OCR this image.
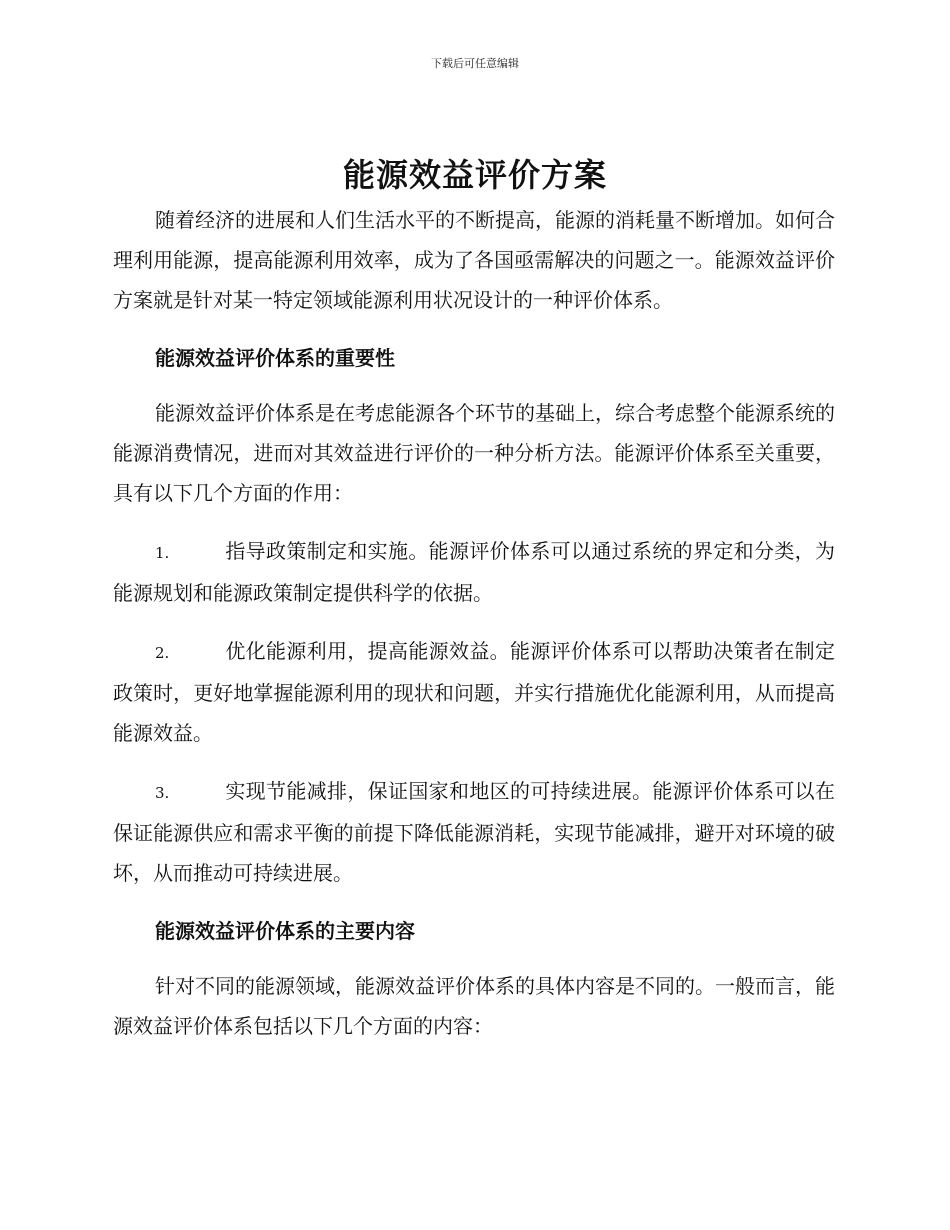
下载后可任意编辑
能源效益评价方案

随着经济的进展和人们生活水平的不断提高，能源的消耗量不断增加。如何合理利用能源，提高能源利用效率，成为了各国亟需解决的问题之一。能源效益评价方案就是针对某一特定领域能源利用状况设计的一种评价体系。

能源效益评价体系的重要性

能源效益评价体系是在考虑能源各个环节的基础上，综合考虑整个能源系统的能源消费情况，进而对其效益进行评价的一种分析方法。能源评价体系至关重要，具有以下几个方面的作用：

1.	指导政策制定和实施。能源评价体系可以通过系统的界定和分类，为能源规划和能源政策制定提供科学的依据。

2.	优化能源利用，提高能源效益。能源评价体系可以帮助决策者在制定政策时，更好地掌握能源利用的现状和问题，并实行措施优化能源利用，从而提高能源效益。

3.	实现节能减排，保证国家和地区的可持续进展。能源评价体系可以在保证能源供应和需求平衡的前提下降低能源消耗，实现节能减排，避开对环境的破坏，从而推动可持续进展。

能源效益评价体系的主要内容

针对不同的能源领域，能源效益评价体系的具体内容是不同的。一般而言，能源效益评价体系包括以下几个方面的内容：
